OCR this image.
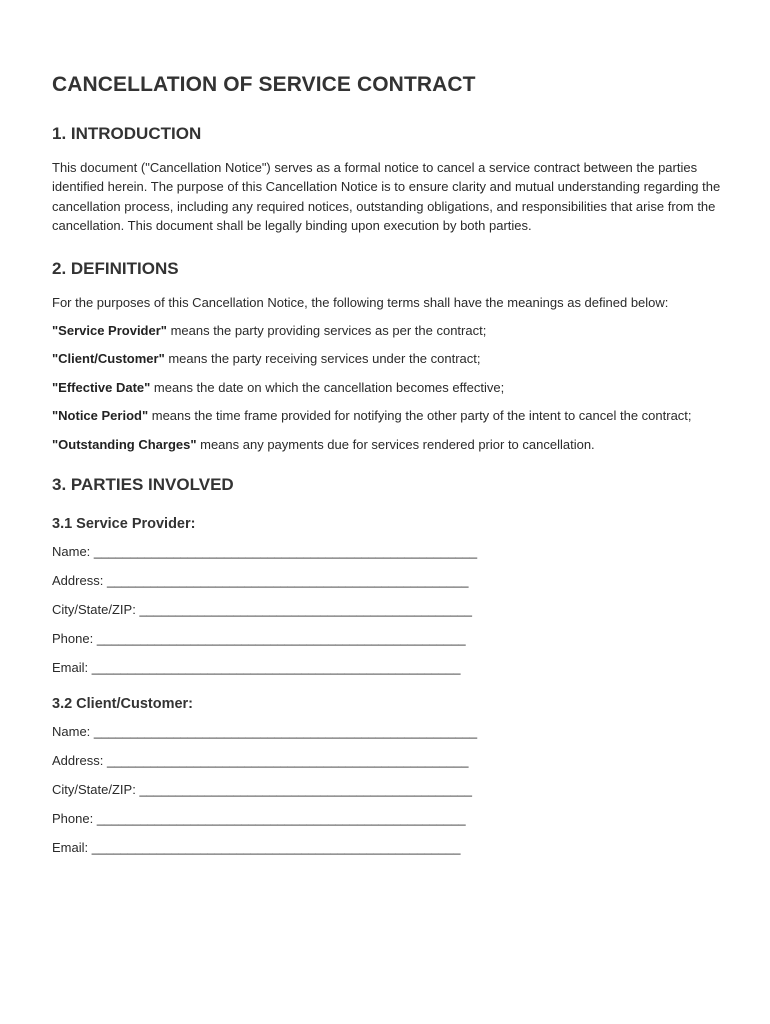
CANCELLATION OF SERVICE CONTRACT
1. INTRODUCTION

This document ("Cancellation Notice") serves as a formal notice to cancel a service contract between the parties identified herein. The purpose of this Cancellation Notice is to ensure clarity and mutual understanding regarding the cancellation process, including any required notices, outstanding obligations, and responsibilities that arise from the cancellation. This document shall be legally binding upon execution by both parties.

2. DEFINITIONS

For the purposes of this Cancellation Notice, the following terms shall have the meanings as defined below:

"Service Provider" means the party providing services as per the contract;

"Client/Customer" means the party receiving services under the contract;

"Effective Date" means the date on which the cancellation becomes effective;

"Notice Period" means the time frame provided for notifying the other party of the intent to cancel the contract;

"Outstanding Charges" means any payments due for services rendered prior to cancellation.

3. PARTIES INVOLVED
3.1 Service Provider:

Name: _____________________________________________________

Address: __________________________________________________

City/State/ZIP: ______________________________________________

Phone: ___________________________________________________

Email: ___________________________________________________

3.2 Client/Customer:

Name: _____________________________________________________

Address: __________________________________________________

City/State/ZIP: ______________________________________________

Phone: ___________________________________________________

Email: ___________________________________________________
